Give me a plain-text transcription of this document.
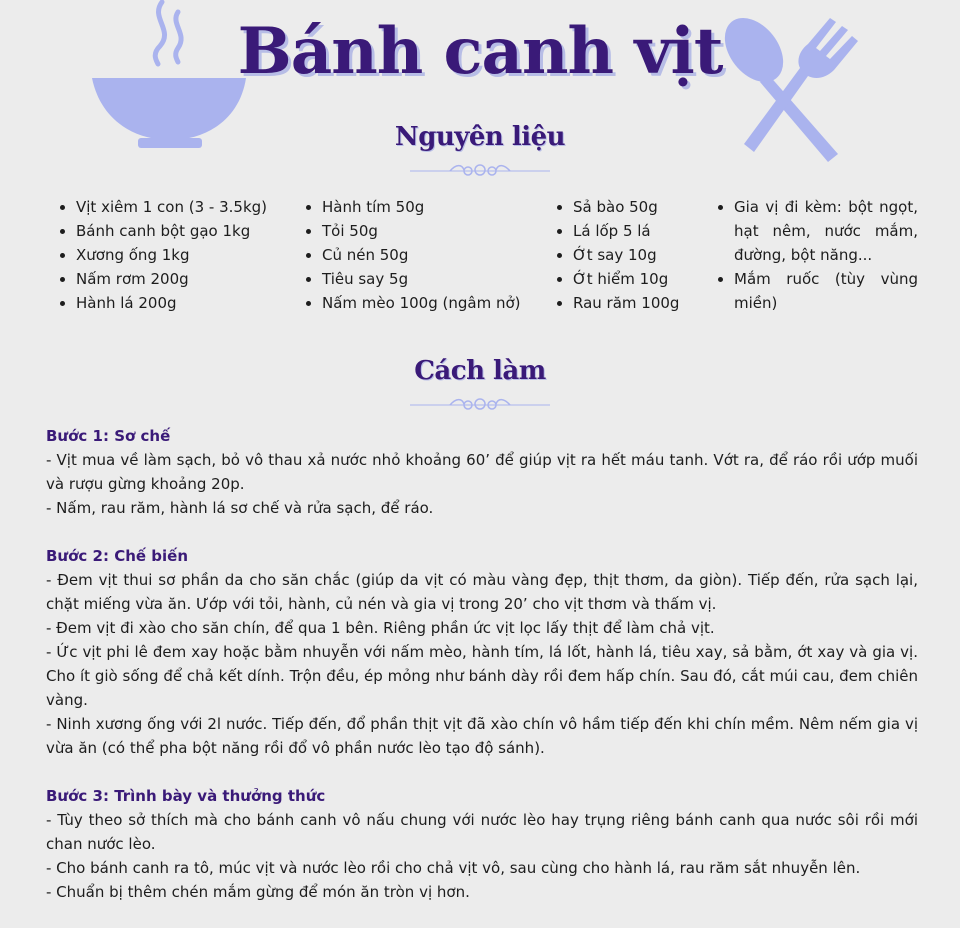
Bánh canh vịt
Nguyên liệu
• Vịt xiêm 1 con (3 - 3.5kg)
• Bánh canh bột gạo 1kg
• Xương ống 1kg
• Nấm rơm 200g
• Hành lá 200g
• Hành tím 50g
• Tỏi 50g
• Củ nén 50g
• Tiêu say 5g
• Nấm mèo 100g (ngâm nở)
• Sả bào 50g
• Lá lốp 5 lá
• Ớt say 10g
• Ớt hiểm 10g
• Rau răm 100g
• Gia vị đi kèm: bột ngọt, hạt nêm, nước mắm, đường, bột năng...
• Mắm ruốc (tùy vùng miền)
Cách làm
Bước 1: Sơ chế

- Vịt mua về làm sạch, bỏ vô thau xả nước nhỏ khoảng 60’ để giúp vịt ra hết máu tanh. Vớt ra, để ráo rồi ướp muối và rượu gừng khoảng 20p.

- Nấm, rau răm, hành lá sơ chế và rửa sạch, để ráo.

Bước 2: Chế biến

- Đem vịt thui sơ phần da cho săn chắc (giúp da vịt có màu vàng đẹp, thịt thơm, da giòn). Tiếp đến, rửa sạch lại, chặt miếng vừa ăn. Ướp với tỏi, hành, củ nén và gia vị trong 20’ cho vịt thơm và thấm vị.

- Đem vịt đi xào cho săn chín, để qua 1 bên. Riêng phần ức vịt lọc lấy thịt để làm chả vịt.

- Ức vịt phi lê đem xay hoặc bằm nhuyễn với nấm mèo, hành tím, lá lốt, hành lá, tiêu xay, sả bằm, ớt xay và gia vị. Cho ít giò sống để chả kết dính. Trộn đều, ép mỏng như bánh dày rồi đem hấp chín. Sau đó, cắt múi cau, đem chiên vàng.

- Ninh xương ống với 2l nước. Tiếp đến, đổ phần thịt vịt đã xào chín vô hầm tiếp đến khi chín mềm. Nêm nếm gia vị vừa ăn (có thể pha bột năng rồi đổ vô phần nước lèo tạo độ sánh).

Bước 3: Trình bày và thưởng thức

- Tùy theo sở thích mà cho bánh canh vô nấu chung với nước lèo hay trụng riêng bánh canh qua nước sôi rồi mới chan nước lèo.

- Cho bánh canh ra tô, múc vịt và nước lèo rồi cho chả vịt vô, sau cùng cho hành lá, rau răm sắt nhuyễn lên.

- Chuẩn bị thêm chén mắm gừng để món ăn tròn vị hơn.
